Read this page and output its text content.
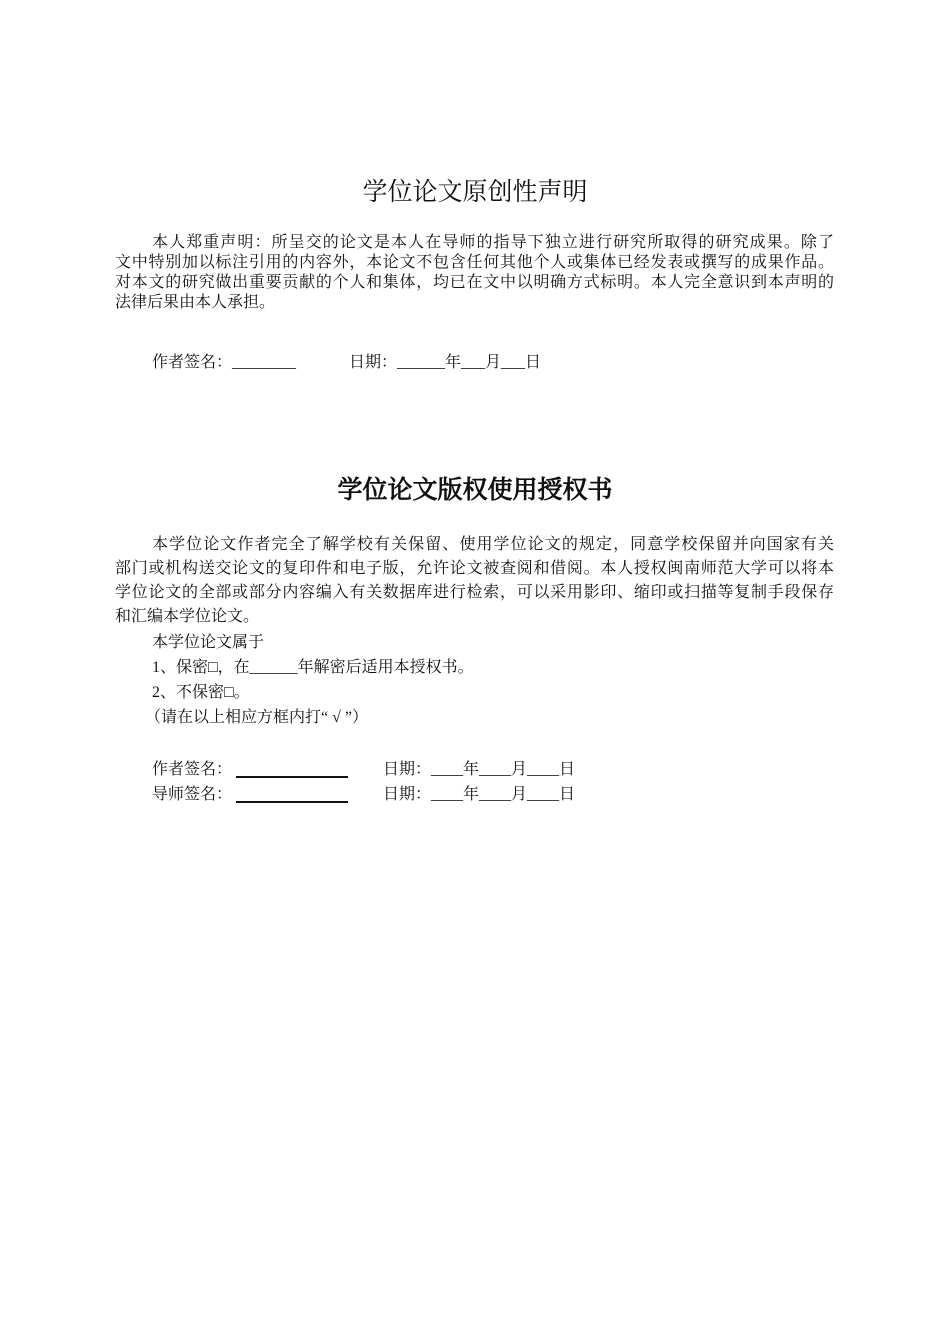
学位论文原创性声明
本人郑重声明：所呈交的论文是本人在导师的指导下独立进行研究所取得的研究成果。除了
文中特别加以标注引用的内容外，本论文不包含任何其他个人或集体已经发表或撰写的成果作品。
对本文的研究做出重要贡献的个人和集体，均已在文中以明确方式标明。本人完全意识到本声明的
法律后果由本人承担。
作者签名：________	日期：______年___月___日
学位论文版权使用授权书
本学位论文作者完全了解学校有关保留、使用学位论文的规定，同意学校保留并向国家有关
部门或机构送交论文的复印件和电子版，允许论文被查阅和借阅。本人授权闽南师范大学可以将本
学位论文的全部或部分内容编入有关数据库进行检索，可以采用影印、缩印或扫描等复制手段保存
和汇编本学位论文。
本学位论文属于
1、保密□，在______年解密后适用本授权书。
2、不保密□。
（请在以上相应方框内打“ √ ”）
作者签名：	日期：____年____月____日
导师签名：	日期：____年____月____日
